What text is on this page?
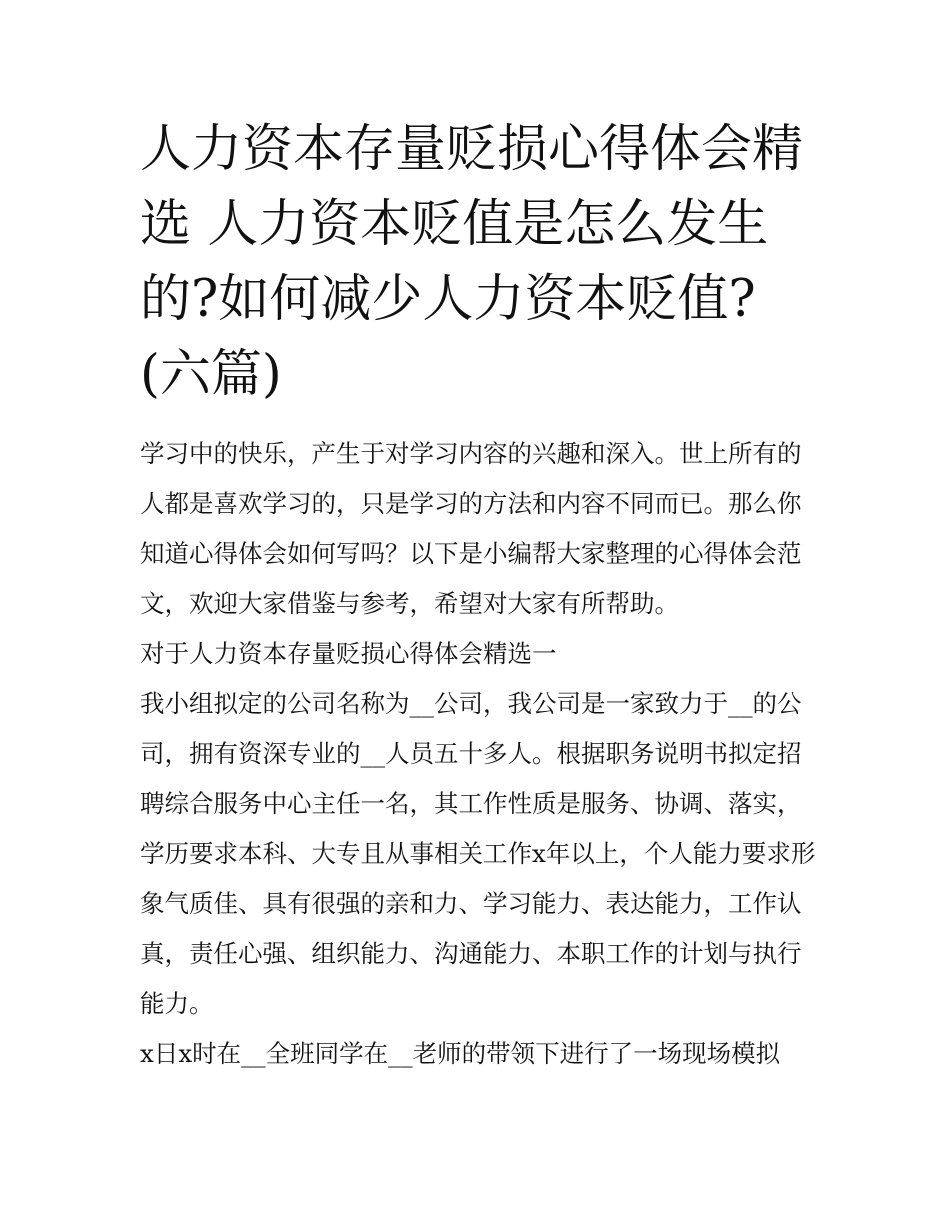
人力资本存量贬损心得体会精选 人力资本贬值是怎么发生的?如何减少人力资本贬值?(六篇)

学习中的快乐，产生于对学习内容的兴趣和深入。世上所有的人都是喜欢学习的，只是学习的方法和内容不同而已。那么你知道心得体会如何写吗？以下是小编帮大家整理的心得体会范文，欢迎大家借鉴与参考，希望对大家有所帮助。

对于人力资本存量贬损心得体会精选一

我小组拟定的公司名称为__公司，我公司是一家致力于__的公司，拥有资深专业的__人员五十多人。根据职务说明书拟定招聘综合服务中心主任一名，其工作性质是服务、协调、落实，学历要求本科、大专且从事相关工作x年以上，个人能力要求形象气质佳、具有很强的亲和力、学习能力、表达能力，工作认真，责任心强、组织能力、沟通能力、本职工作的计划与执行能力。

x日x时在__全班同学在__老师的带领下进行了一场现场模拟
